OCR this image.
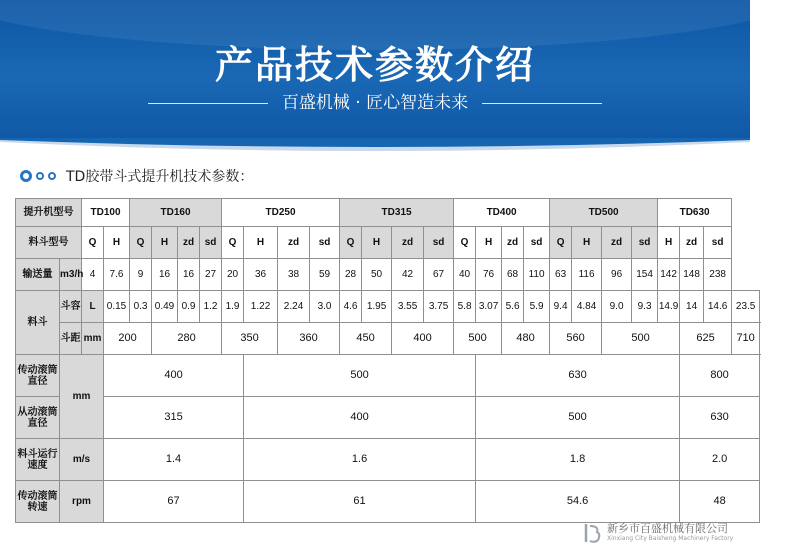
产品技术参数介绍
百盛机械 · 匠心智造未来
TD胶带斗式提升机技术参数：
提升机型号		TD100		TD160				TD250				TD315				TD400				TD500				TD630			
料斗型号		Q	H	Q	H	zd	sd	Q	H	zd	sd	Q	H	zd	sd	Q	H	zd	sd	Q	H	zd	sd	H	zd	sd	
输送量	m3/h	4	7.6	9	16	16	27	20	36	38	59	28	50	42	67	40	76	68	110	63	116	96	154	142	148	238	
料斗	斗容	L	0.15	0.3	0.49	0.9	1.2	1.9	1.22	2.24	3.0	4.6	1.95	3.55	3.75	5.8	3.07	5.6	5.9	9.4	4.84	9.0	9.3	14.9	14	14.6	23.5
	斗距	mm	200		280			350		360		450		400		500		480		560		500			625		710
传动滚筒直径	mm		400						500								630								800		
从动滚筒直径			315						400								500								630		
料斗运行速度	m/s		1.4						1.6								1.8								2.0		
传动滚筒转速	rpm		67						61								54.6								48		
新乡市百盛机械有限公司
Xinxiang City Baisheng Machinery Factory
